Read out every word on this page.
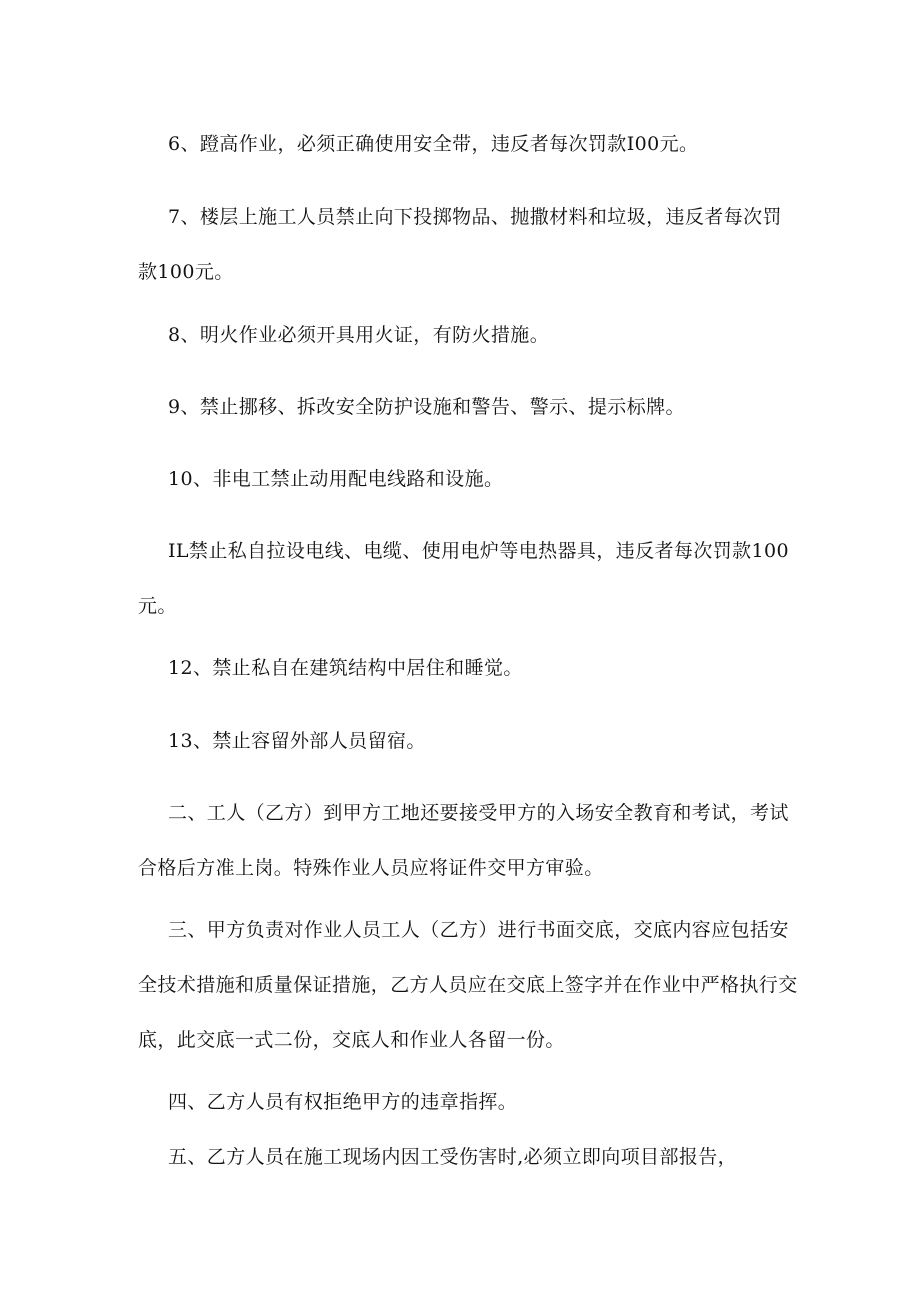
6、蹬高作业，必须正确使用安全带，违反者每次罚款I00元。

7、楼层上施工人员禁止向下投掷物品、抛撒材料和垃圾，违反者每次罚款100元。

8、明火作业必须开具用火证，有防火措施。

9、禁止挪移、拆改安全防护设施和警告、警示、提示标牌。

10、非电工禁止动用配电线路和设施。

IL禁止私自拉设电线、电缆、使用电炉等电热器具，违反者每次罚款100元。

12、禁止私自在建筑结构中居住和睡觉。

13、禁止容留外部人员留宿。

二、工人（乙方）到甲方工地还要接受甲方的入场安全教育和考试，考试合格后方准上岗。特殊作业人员应将证件交甲方审验。

三、甲方负责对作业人员工人（乙方）进行书面交底，交底内容应包括安全技术措施和质量保证措施，乙方人员应在交底上签字并在作业中严格执行交底，此交底一式二份，交底人和作业人各留一份。

四、乙方人员有权拒绝甲方的违章指挥。

五、乙方人员在施工现场内因工受伤害时,必须立即向项目部报告，
